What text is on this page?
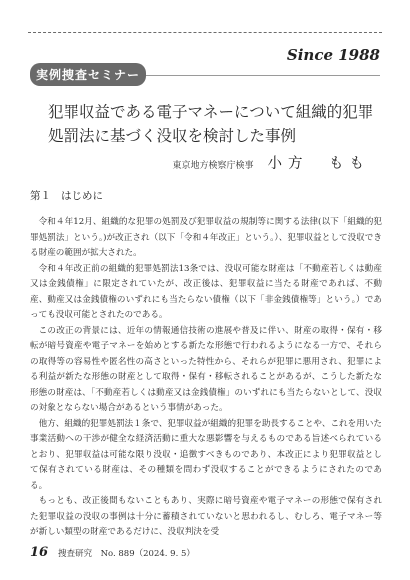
Since 1988
実例捜査セミナー
犯罪収益である電子マネーについて組織的犯罪処罰法に基づく没収を検討した事例
東京地方検察庁検事 小方　もも
第１ はじめに

令和４年12月、組織的な犯罪の処罰及び犯罪収益の規制等に関する法律(以下「組織的犯罪処罰法」という。)が改正され（以下「令和４年改正」という。）、犯罪収益として没収できる財産の範囲が拡大された。

令和４年改正前の組織的犯罪処罰法13条では、没収可能な財産は「不動産若しくは動産又は金銭債権」に限定されていたが、改正後は、犯罪収益に当たる財産であれば、不動産、動産又は金銭債権のいずれにも当たらない債権（以下「非金銭債権等」という。）であっても没収可能とされたのである。

この改正の背景には、近年の情報通信技術の進展や普及に伴い、財産の取得・保有・移転が暗号資産や電子マネーを始めとする新たな形態で行われるようになる一方で、それらの取得等の容易性や匿名性の高さといった特性から、それらが犯罪に悪用され、犯罪による利益が新たな形態の財産として取得・保有・移転されることがあるが、こうした新たな形態の財産は、「不動産若しくは動産又は金銭債権」のいずれにも当たらないとして、没収の対象とならない場合があるという事情があった。

他方、組織的犯罪処罰法１条で、犯罪収益が組織的犯罪を助長することや、これを用いた事業活動への干渉が健全な経済活動に重大な悪影響を与えるものである旨述べられているとおり、犯罪収益は可能な限り没収・追徴すべきものであり、本改正により犯罪収益として保有されている財産は、その種類を問わず没収することができるようにされたのである。

もっとも、改正後間もないこともあり、実際に暗号資産や電子マネーの形態で保有された犯罪収益の没収の事例は十分に蓄積されていないと思われるし、むしろ、電子マネー等が新しい類型の財産であるだけに、没収判決を受

16 捜査研究　No. 889（2024. 9. 5）
